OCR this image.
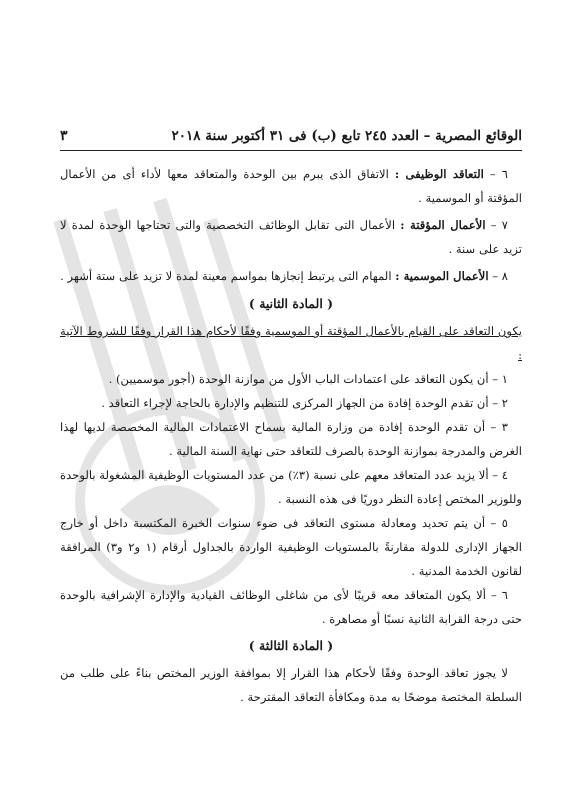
الوقائع المصرية – العدد ٢٤٥ تابع (ب) فى ٣١ أكتوبر سنة ٢٠١٨
٣

٦ – التعاقد الوظيفى : الاتفاق الذى يبرم بين الوحدة والمتعاقد معها لأداء أى من الأعمال المؤقتة أو الموسمية .

٧ – الأعمال المؤقتة : الأعمال التى تقابل الوظائف التخصصية والتى تحتاجها الوحدة لمدة لا تزيد على سنة .

٨ – الأعمال الموسمية : المهام التى يرتبط إنجازها بمواسم معينة لمدة لا تزيد على ستة أشهر .

( المادة الثانية )

يكون التعاقد على القيام بالأعمال المؤقتة أو الموسمية وفقًا لأحكام هذا القرار وفقًا للشروط الآتية :

١ – أن يكون التعاقد على اعتمادات الباب الأول من موازنة الوحدة (أجور موسميين) .

٢ – أن تقدم الوحدة إفادة من الجهاز المركزى للتنظيم والإدارة بالحاجة لإجراء التعاقد .

٣ – أن تقدم الوحدة إفادة من وزارة المالية بسماح الاعتمادات المالية المخصصة لديها لهذا الغرض والمدرجة بموازنة الوحدة بالصرف للتعاقد حتى نهاية السنة المالية .

٤ – ألا يزيد عدد المتعاقد معهم على نسبة (٣٪) من عدد المستويات الوظيفية المشغولة بالوحدة وللوزير المختص إعادة النظر دوريًا فى هذه النسبة .

٥ – أن يتم تحديد ومعادلة مستوى التعاقد فى ضوء سنوات الخبرة المكتسبة داخل أو خارج الجهاز الإدارى للدولة مقارنةً بالمستويات الوظيفية الواردة بالجداول أرقام (١ و٢ و٣) المرافقة لقانون الخدمة المدنية .

٦ – ألا يكون المتعاقد معه قريبًا لأى من شاغلى الوظائف القيادية والإدارة الإشرافية بالوحدة حتى درجة القرابة الثانية نسبًا أو مصاهرة .

( المادة الثالثة )

لا يجوز تعاقد الوحدة وفقًا لأحكام هذا القرار إلا بموافقة الوزير المختص بناءً على طلب من السلطة المختصة موضحًا به مدة ومكافأة التعاقد المقترحة .
